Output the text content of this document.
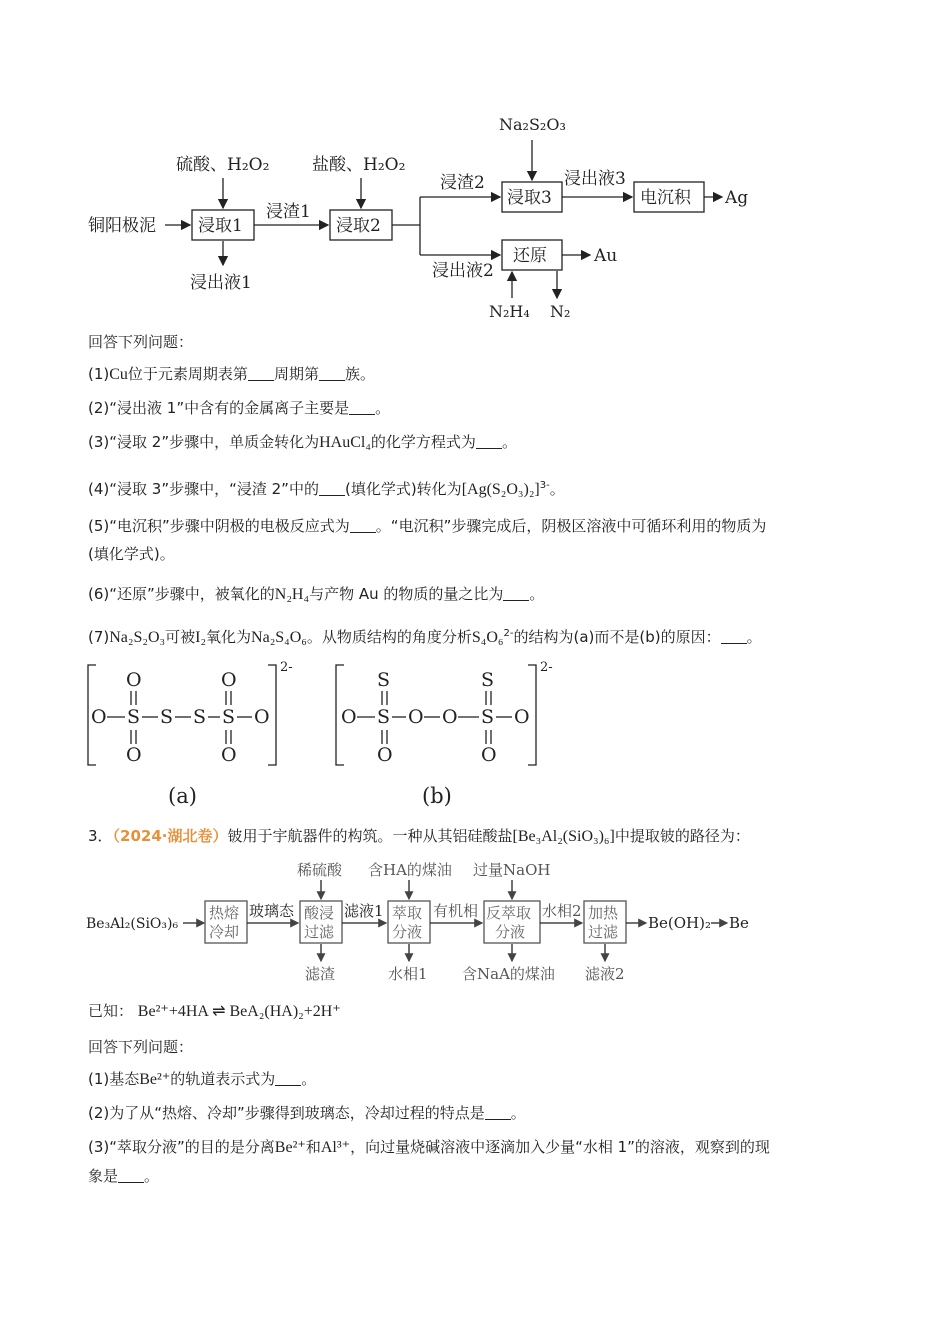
铜阳极泥 浸取1
硫酸、H₂O₂
浸出液1
浸渣1
浸取2
盐酸、H₂O₂
浸渣2
浸出液2
浸取3
Na₂S₂O₃
浸出液3
电沉积 Ag
还原	Au
N₂H₄ N₂
回答下列问题：
(1)Cu位于元素周期表第 周期第 族。
(2)“浸出液 1”中含有的金属离子主要是 。
(3)“浸取 2”步骤中，单质金转化为HAuCl₄的化学方程式为 。
(4)“浸取 3”步骤中，“浸渣 2”中的 (填化学式)转化为$[Ag(S_2O_3)_2]^{3-}$。
(5)“电沉积”步骤中阴极的电极反应式为 。“电沉积”步骤完成后，阴极区溶液中可循环利用的物质为
(填化学式)。
(6)“还原”步骤中，被氧化的N₂H₄与产物 Au 的物质的量之比为 。
(7)Na₂S₂O₃可被I₂氧化为Na₂S₄O₆。从物质结构的角度分析S₄O₆$^{2-}$的结构为(a)而不是(b)的原因： 。
2-
O	O
O S S S S O
O	O
(a)
2-
S	S
O S O O S O
O	O
(b)
3．（2024·湖北卷）铍用于宇航器件的构筑。一种从其铝硅酸盐[Be₃Al₂(SiO₃)₆]中提取铍的路径为：
Be₃Al₂(SiO₃)₆
热熔
冷却
玻璃态 酸浸
过滤
稀硫酸
滤渣
滤液1 萃取
分液
含HA的煤油
水相1
有机相 反萃取
分液
过量NaOH
含NaA的煤油
水相2 加热
过滤
滤液2
Be(OH)₂ Be
已知： Be²⁺+4HA ⇌ BeA₂(HA)₂+2H⁺
回答下列问题：
(1)基态Be²⁺的轨道表示式为 。
(2)为了从“热熔、冷却”步骤得到玻璃态，冷却过程的特点是 。
(3)“萃取分液”的目的是分离Be²⁺和Al³⁺，向过量烧碱溶液中逐滴加入少量“水相 1”的溶液，观察到的现
象是 。
